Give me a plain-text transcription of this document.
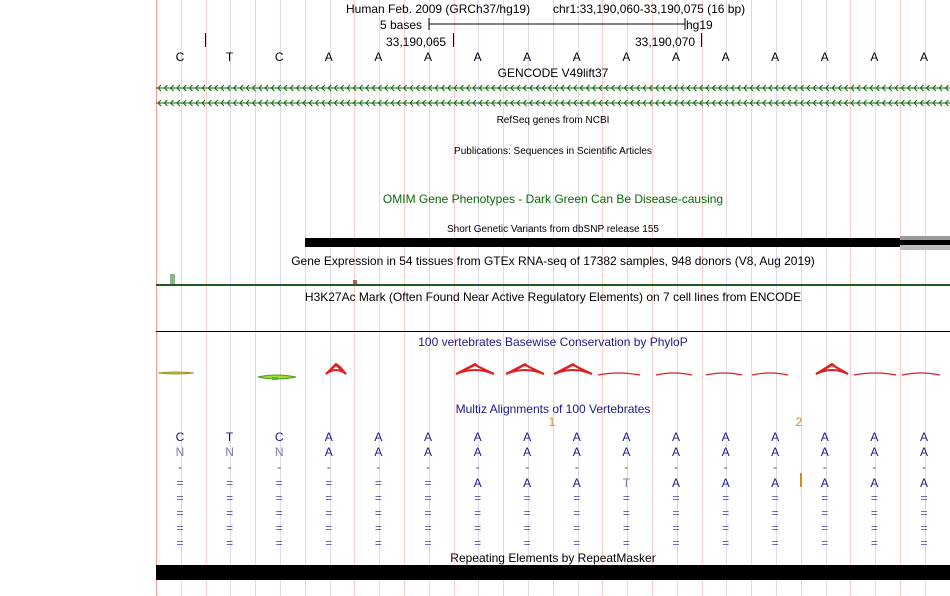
Human Feb. 2009 (GRCh37/hg19) chr1:33,190,060-33,190,075 (16 bp)
5 bases	hg19
33,190,065	33,190,070
C	T	C	A	A	A	A	A	A	A	A	A	A	A	A	A
GENCODE V49lift37
RefSeq genes from NCBI
Publications: Sequences in Scientific Articles
OMIM Gene Phenotypes - Dark Green Can Be Disease-causing
Short Genetic Variants from dbSNP release 155
Gene Expression in 54 tissues from GTEx RNA-seq of 17382 samples, 948 donors (V8, Aug 2019)
H3K27Ac Mark (Often Found Near Active Regulatory Elements) on 7 cell lines from ENCODE
100 vertebrates Basewise Conservation by PhyloP
Multiz Alignments of 100 Vertebrates
1	2
C	T	C	A	A	A	A	A	A	A	A	A	A	A	A	A
N	N	N	A	A	A	A	A	A	A	A	A	A	A	A	A
-	-	-	-	-	-	-	-	-	-	-	-	-	-	-	-
=	=	=	=	=	=	A	A	A	T	A	A	A	A	A	A
=	=	=	=	=	=	=	=	=	=	=	=	=	=	=	=
=	=	=	=	=	=	=	=	=	=	=	=	=	=	=	=
=	=	=	=	=	=	=	=	=	=	=	=	=	=	=	=
=	=	=	=	=	=	=	=	=	=	=	=	=	=	=	=
Repeating Elements by RepeatMasker
